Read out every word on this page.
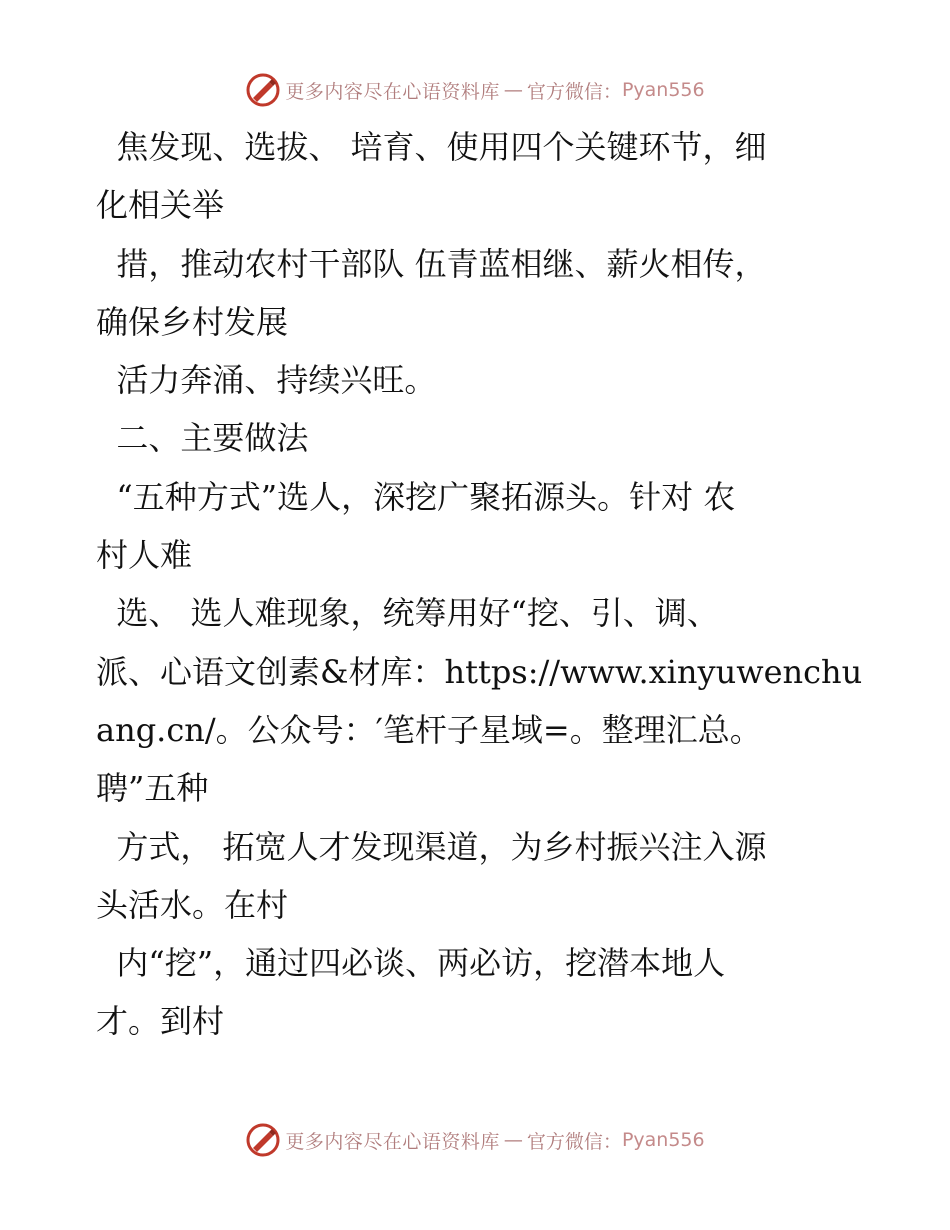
更多内容尽在心语资料库 — 官方微信： Pyan556
焦发现、选拔、 培育、使用四个关键环节，细
化相关举
措，推动农村干部队 伍青蓝相继、薪火相传，
确保乡村发展
活力奔涌、持续兴旺。
二、主要做法
“五种方式”选人，深挖广聚拓源头。针对 农
村人难
选、 选人难现象，统筹用好“挖、引、调、
派、心语文创素&材库：https://www.xinyuwenchu
ang.cn/。公众号：′笔杆子星域=。整理汇总。
聘”五种
方式， 拓宽人才发现渠道，为乡村振兴注入源
头活水。在村
内“挖”，通过四必谈、两必访，挖潜本地人
才。到村
更多内容尽在心语资料库 — 官方微信： Pyan556
